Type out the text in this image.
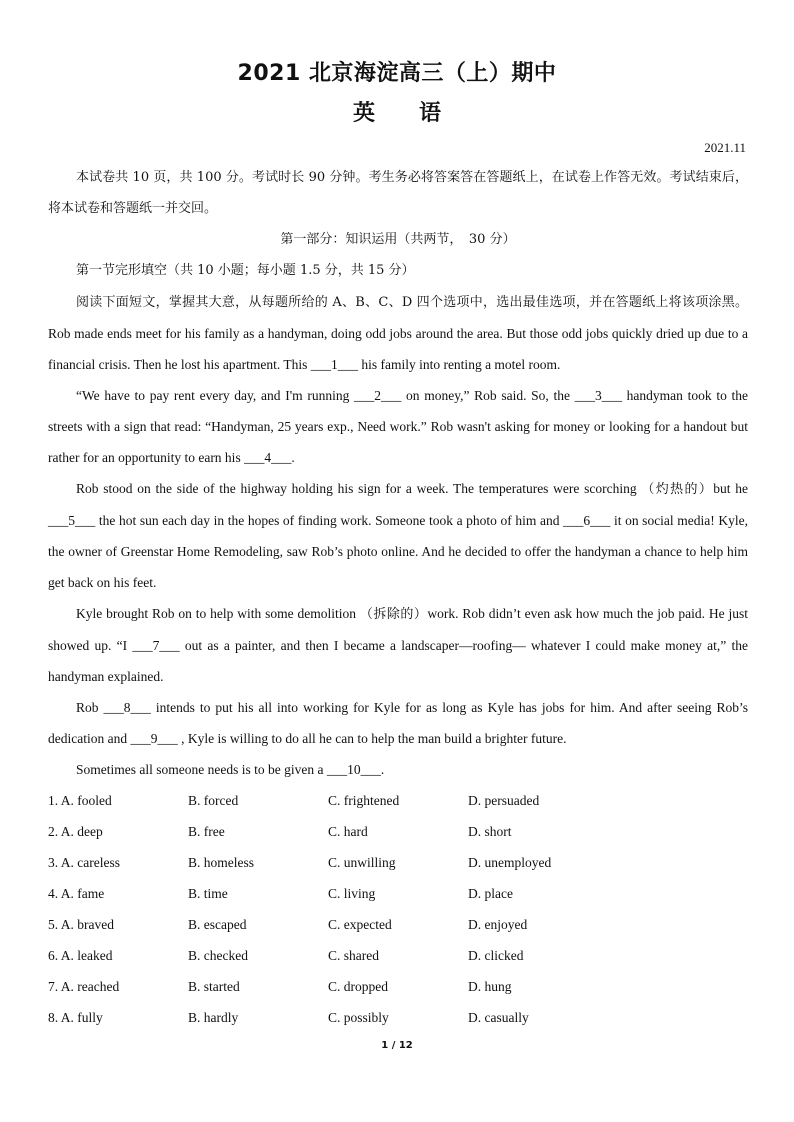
2021 北京海淀高三（上）期中
英语
2021.11

本试卷共 10 页，共 100 分。考试时长 90 分钟。考生务必将答案答在答题纸上，在试卷上作答无效。考试结束后，将本试卷和答题纸一并交回。

第一部分：知识运用（共两节，　30 分）

第一节完形填空（共 10 小题；每小题 1.5 分，共 15 分）

阅读下面短文，掌握其大意，从每题所给的 A、B、C、D 四个选项中，选出最佳选项，并在答题纸上将该项涂黑。Rob made ends meet for his family as a handyman, doing odd jobs around the area. But those odd jobs quickly dried up due to a financial crisis. Then he lost his apartment. This ___1___ his family into renting a motel room.

“We have to pay rent every day, and I'm running ___2___ on money,” Rob said. So, the ___3___ handyman took to the streets with a sign that read: “Handyman, 25 years exp., Need work.” Rob wasn't asking for money or looking for a handout but rather for an opportunity to earn his ___4___.

Rob stood on the side of the highway holding his sign for a week. The temperatures were scorching （灼热的）but he ___5___ the hot sun each day in the hopes of finding work. Someone took a photo of him and ___6___ it on social media! Kyle, the owner of Greenstar Home Remodeling, saw Rob’s photo online. And he decided to offer the handyman a chance to help him get back on his feet.

Kyle brought Rob on to help with some demolition （拆除的）work. Rob didn’t even ask how much the job paid. He just showed up. “I ___7___ out as a painter, and then I became a landscaper—roofing— whatever I could make money at,” the handyman explained.

Rob ___8___ intends to put his all into working for Kyle for as long as Kyle has jobs for him. And after seeing Rob’s dedication and ___9___ , Kyle is willing to do all he can to help the man build a brighter future.

Sometimes all someone needs is to be given a ___10___.

1. A. fooled	B. forced	C. frightened	D. persuaded
2. A. deep	B. free	C. hard	D. short
3. A. careless	B. homeless	C. unwilling	D. unemployed
4. A. fame	B. time	C. living	D. place
5. A. braved	B. escaped	C. expected	D. enjoyed
6. A. leaked	B. checked	C. shared	D. clicked
7. A. reached	B. started	C. dropped	D. hung
8. A. fully	B. hardly	C. possibly	D. casually
1 / 12
